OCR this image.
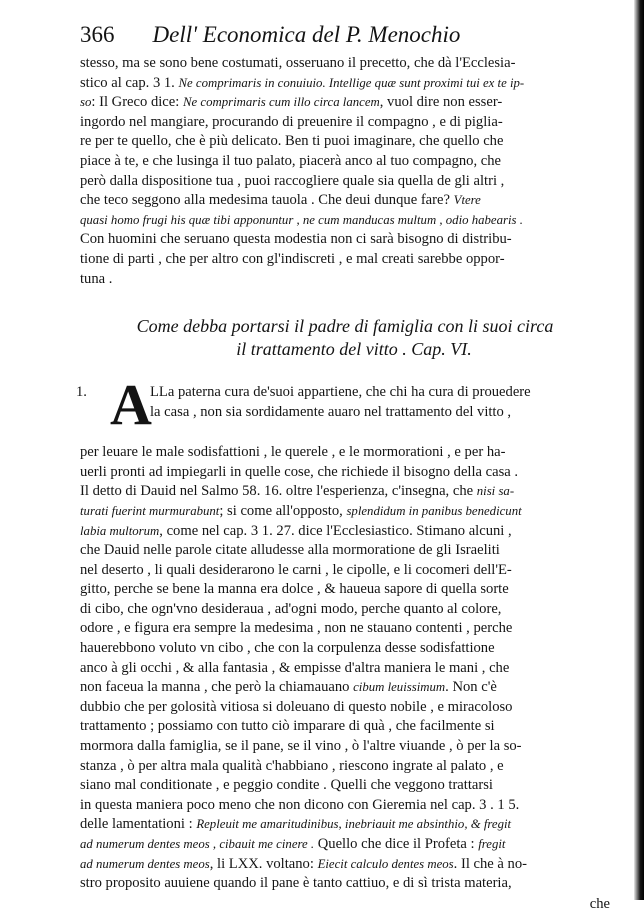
366 Dell' Economica del P. Menochio
stesso, ma se sono bene costumati, osseruano il precetto, che dà l'Ecclesia-
stico al cap. 3 1. Ne comprimaris in conuiuio. Intellige quæ sunt proximi tui ex te ip-
so: Il Greco dice: Ne comprimaris cum illo circa lancem, vuol dire non esser-
ingordo nel mangiare, procurando di preuenire il compagno , e di piglia-
re per te quello, che è più delicato. Ben ti puoi imaginare, che quello che
piace à te, e che lusinga il tuo palato, piacerà anco al tuo compagno, che
però dalla dispositione tua , puoi raccogliere quale sia quella de gli altri ,
che teco seggono alla medesima tauola . Che deui dunque fare? Vtere
quasi homo frugi his quæ tibi apponuntur , ne cum manducas multum , odio habearis .
Con huomini che seruano questa modestia non ci sarà bisogno di distribu-
tione di parti , che per altro con gl'indiscreti , e mal creati sarebbe oppor-
tuna .
Come debba portarsi il padre di famiglia con li suoi circa
il trattamento del vitto . Cap. VI.
1. A
LLa paterna cura de'suoi appartiene, che chi ha cura di prouedere
la casa , non sia sordidamente auaro nel trattamento del vitto ,
per leuare le male sodisfattioni , le querele , e le mormorationi , e per ha-
uerli pronti ad impiegarli in quelle cose, che richiede il bisogno della casa .
Il detto di Dauid nel Salmo 58. 16. oltre l'esperienza, c'insegna, che nisi sa-
turati fuerint murmurabunt; si come all'opposto, splendidum in panibus benedicunt
labia multorum, come nel cap. 3 1. 27. dice l'Ecclesiastico. Stimano alcuni ,
che Dauid nelle parole citate alludesse alla mormoratione de gli Israeliti
nel deserto , li quali desiderarono le carni , le cipolle, e li cocomeri dell'E-
gitto, perche se bene la manna era dolce , & haueua sapore di quella sorte
di cibo, che ogn'vno desideraua , ad'ogni modo, perche quanto al colore,
odore , e figura era sempre la medesima , non ne stauano contenti , perche
hauerebbono voluto vn cibo , che con la corpulenza desse sodisfattione
anco à gli occhi , & alla fantasia , & empisse d'altra maniera le mani , che
non faceua la manna , che però la chiamauano cibum leuissimum. Non c'è
dubbio che per golosità vitiosa si doleuano di questo nobile , e miracoloso
trattamento ; possiamo con tutto ciò imparare di quà , che facilmente si
mormora dalla famiglia, se il pane, se il vino , ò l'altre viuande , ò per la so-
stanza , ò per altra mala qualità c'habbiano , riescono ingrate al palato , e
siano mal conditionate , e peggio condite . Quelli che veggono trattarsi
in questa maniera poco meno che non dicono con Gieremia nel cap. 3 . 1 5.
delle lamentationi : Repleuit me amaritudinibus, inebriauit me absinthio, & fregit
ad numerum dentes meos , cibauit me cinere . Quello che dice il Profeta : fregit
ad numerum dentes meos, li LXX. voltano: Eiecit calculo dentes meos. Il che à no-
stro proposito auuiene quando il pane è tanto cattiuo, e di sì trista materia,
che
